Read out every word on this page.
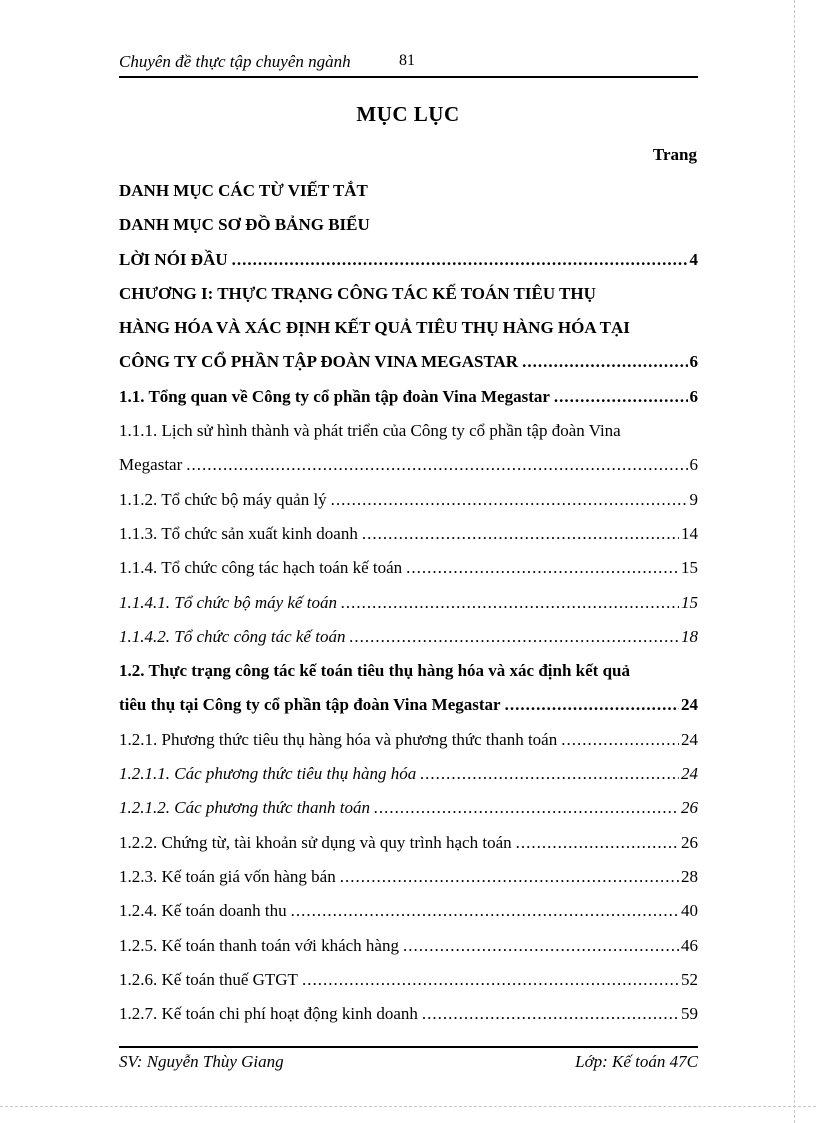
Chuyên đề thực tập chuyên ngành	81
MỤC LỤC
Trang
DANH MỤC CÁC TỪ VIẾT TẮT
DANH MỤC SƠ ĐỒ BẢNG BIỂU
LỜI NÓI ĐẦU .....	4
CHƯƠNG I: THỰC TRẠNG CÔNG TÁC KẾ TOÁN TIÊU THỤ
HÀNG HÓA VÀ XÁC ĐỊNH KẾT QUẢ TIÊU THỤ HÀNG HÓA TẠI
CÔNG TY CỔ PHẦN TẬP ĐOÀN VINA MEGASTAR .....	6
1.1. Tổng quan về Công ty cổ phần tập đoàn Vina Megastar .....	6
1.1.1. Lịch sử hình thành và phát triển của Công ty cổ phần tập đoàn Vina
Megastar .....	6
1.1.2. Tổ chức bộ máy quản lý .....	9
1.1.3. Tổ chức sản xuất kinh doanh .....	14
1.1.4. Tổ chức công tác hạch toán kế toán .....	15
1.1.4.1. Tổ chức bộ máy kế toán .....	15
1.1.4.2. Tổ chức công tác kế toán .....	18
1.2. Thực trạng công tác kế toán tiêu thụ hàng hóa và xác định kết quả
tiêu thụ tại Công ty cổ phần tập đoàn Vina Megastar .....	24
1.2.1. Phương thức tiêu thụ hàng hóa và phương thức thanh toán .....	24
1.2.1.1. Các phương thức tiêu thụ hàng hóa .....	24
1.2.1.2. Các phương thức thanh toán .....	26
1.2.2. Chứng từ, tài khoản sử dụng và quy trình hạch toán .....	26
1.2.3. Kế toán giá vốn hàng bán .....	28
1.2.4. Kế toán doanh thu .....	40
1.2.5. Kế toán thanh toán với khách hàng .....	46
1.2.6. Kế toán thuế GTGT .....	52
1.2.7. Kế toán chi phí hoạt động kinh doanh .....	59
SV: Nguyễn Thùy Giang	Lớp: Kế toán 47C
